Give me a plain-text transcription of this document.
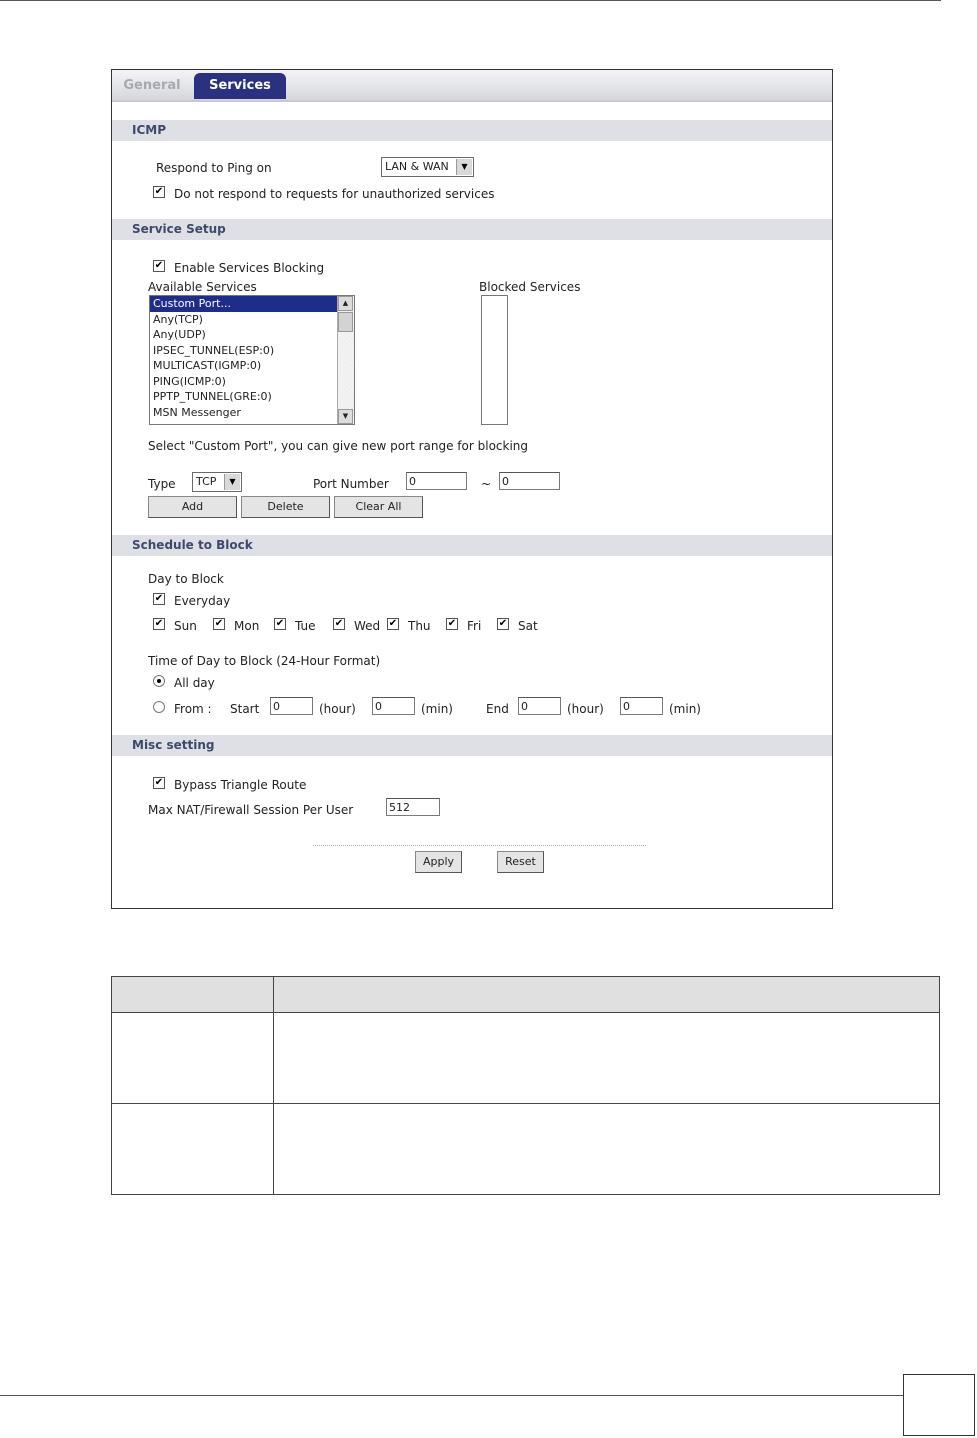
General	Services
ICMP
Respond to Ping on	LAN & WAN	▼
✔ Do not respond to requests for unauthorized services
Service Setup
✔ Enable Services Blocking
Available Services	Blocked Services
Custom Port...
Any(TCP)
Any(UDP)
IPSEC_TUNNEL(ESP:0)
MULTICAST(IGMP:0)
PING(ICMP:0)
PPTP_TUNNEL(GRE:0)
MSN Messenger
▲
▼
Select "Custom Port", you can give new port range for blocking
Type	TCP	▼	Port Number 0	~ 0
Add	Delete	Clear All
Schedule to Block
Day to Block
✔ Everyday
✔ Sun ✔ Mon ✔ Tue ✔ Wed ✔ Thu ✔ Fri ✔ Sat
Time of Day to Block (24-Hour Format)
All day
From : Start 0	(hour) 0	(min)	End 0	(hour) 0	(min)
Misc setting
✔ Bypass Triangle Route
Max NAT/Firewall Session Per User	512
Apply	Reset
